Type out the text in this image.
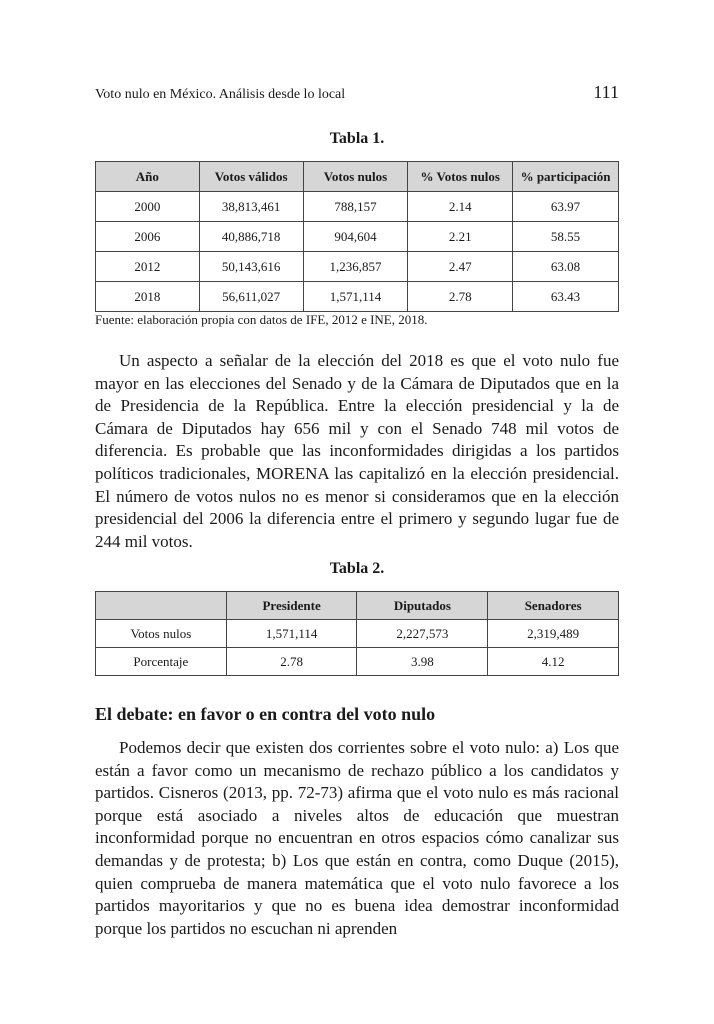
Voto nulo en México. Análisis desde lo local	111
Tabla 1.
Año	Votos válidos	Votos nulos	% Votos nulos	% participación
2000	38,813,461	788,157	2.14	63.97
2006	40,886,718	904,604	2.21	58.55
2012	50,143,616	1,236,857	2.47	63.08
2018	56,611,027	1,571,114	2.78	63.43
Fuente: elaboración propia con datos de IFE, 2012 e INE, 2018.

Un aspecto a señalar de la elección del 2018 es que el voto nulo fue mayor en las elecciones del Senado y de la Cámara de Diputados que en la de Presidencia de la República. Entre la elección presidencial y la de Cámara de Diputados hay 656 mil y con el Senado 748 mil votos de diferencia. Es probable que las inconformidades dirigidas a los partidos políticos tradicionales, MORENA las capitalizó en la elección presidencial. El número de votos nulos no es menor si consideramos que en la elección presidencial del 2006 la diferencia entre el primero y segundo lugar fue de 244 mil votos.

Tabla 2.
	Presidente	Diputados	Senadores
Votos nulos	1,571,114	2,227,573	2,319,489
Porcentaje	2.78	3.98	4.12
El debate: en favor o en contra del voto nulo

Podemos decir que existen dos corrientes sobre el voto nulo: a) Los que están a favor como un mecanismo de rechazo público a los candidatos y partidos. Cisneros (2013, pp. 72-73) afirma que el voto nulo es más racional porque está asociado a niveles altos de educación que muestran inconformidad porque no encuentran en otros espacios cómo canalizar sus demandas y de protesta; b) Los que están en contra, como Duque (2015), quien comprueba de manera matemática que el voto nulo favorece a los partidos mayoritarios y que no es buena idea demostrar inconformidad porque los partidos no escuchan ni aprenden
